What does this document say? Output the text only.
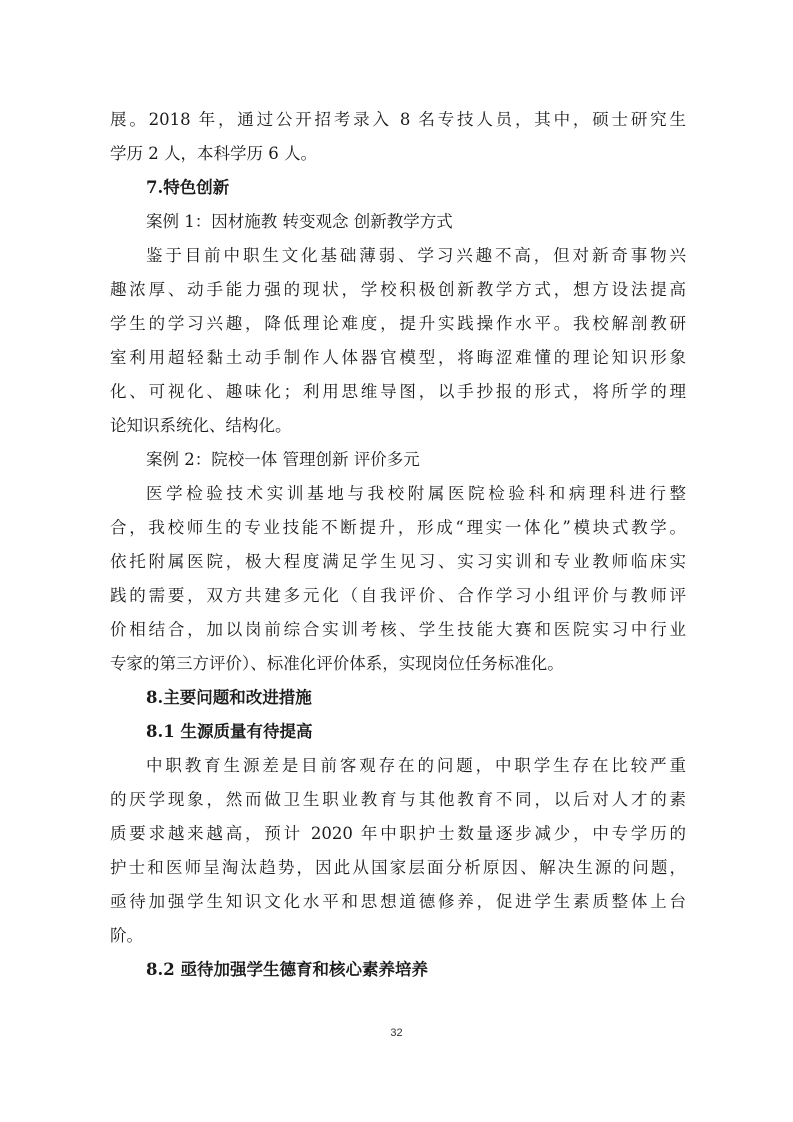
展。2018 年，通过公开招考录入 8 名专技人员，其中，硕士研究生
学历 2 人，本科学历 6 人。
7.特色创新
案例 1：因材施教 转变观念 创新教学方式
鉴于目前中职生文化基础薄弱、学习兴趣不高，但对新奇事物兴
趣浓厚、动手能力强的现状，学校积极创新教学方式，想方设法提高
学生的学习兴趣，降低理论难度，提升实践操作水平。我校解剖教研
室利用超轻黏土动手制作人体器官模型，将晦涩难懂的理论知识形象
化、可视化、趣味化；利用思维导图，以手抄报的形式，将所学的理
论知识系统化、结构化。
案例 2：院校一体 管理创新 评价多元
医学检验技术实训基地与我校附属医院检验科和病理科进行整
合，我校师生的专业技能不断提升，形成“理实一体化”模块式教学。
依托附属医院，极大程度满足学生见习、实习实训和专业教师临床实
践的需要，双方共建多元化（自我评价、合作学习小组评价与教师评
价相结合，加以岗前综合实训考核、学生技能大赛和医院实习中行业
专家的第三方评价）、标准化评价体系，实现岗位任务标准化。
8.主要问题和改进措施
8.1 生源质量有待提高
中职教育生源差是目前客观存在的问题，中职学生存在比较严重
的厌学现象，然而做卫生职业教育与其他教育不同，以后对人才的素
质要求越来越高，预计 2020 年中职护士数量逐步减少，中专学历的
护士和医师呈淘汰趋势，因此从国家层面分析原因、解决生源的问题，
亟待加强学生知识文化水平和思想道德修养，促进学生素质整体上台
阶。
8.2 亟待加强学生德育和核心素养培养
32
